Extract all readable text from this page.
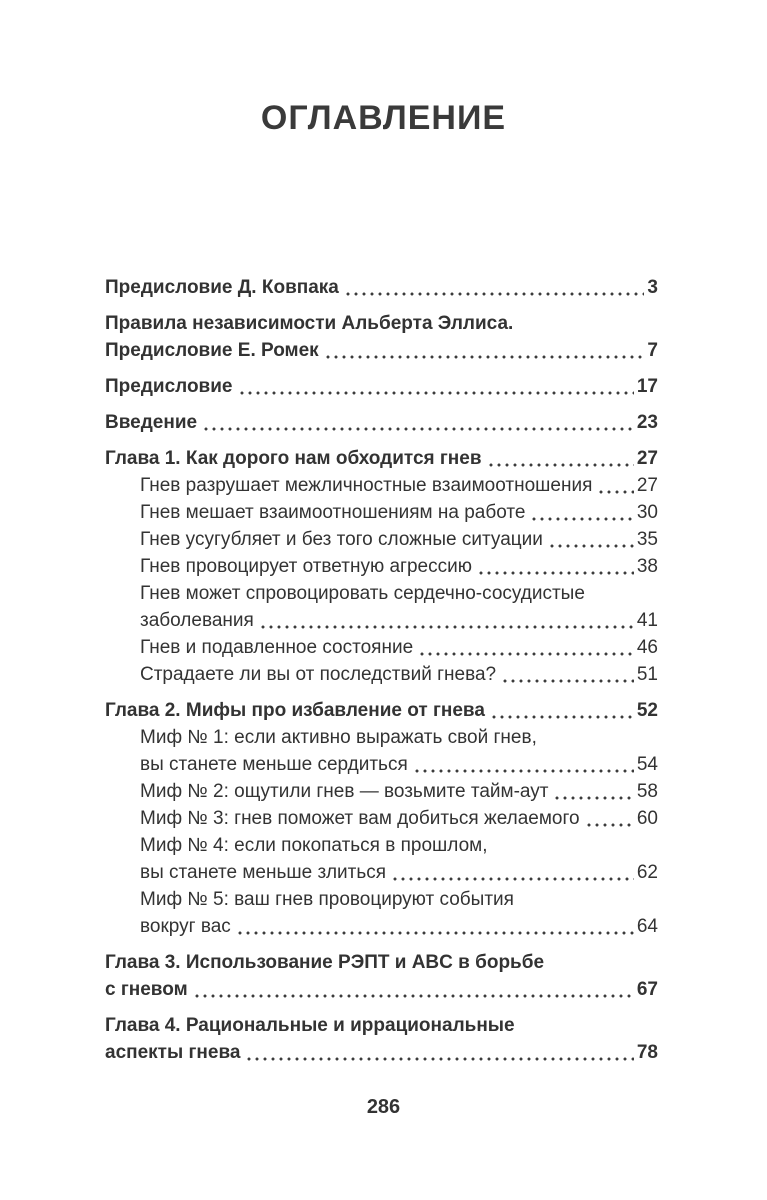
ОГЛАВЛЕНИЕ
Предисловие Д. Ковпака	3
Правила независимости Альберта Эллиса.
Предисловие Е. Ромек	7
Предисловие	17
Введение	23
Глава 1. Как дорого нам обходится гнев	27
Гнев разрушает межличностные взаимоотношения 27
Гнев мешает взаимоотношениям на работе	30
Гнев усугубляет и без того сложные ситуации	35
Гнев провоцирует ответную агрессию	38
Гнев может спровоцировать сердечно-сосудистые
заболевания	41
Гнев и подавленное состояние	46
Страдаете ли вы от последствий гнева?	51
Глава 2. Мифы про избавление от гнева	52
Миф № 1: если активно выражать свой гнев,
вы станете меньше сердиться	54
Миф № 2: ощутили гнев — возьмите тайм-аут	58
Миф № 3: гнев поможет вам добиться желаемого	60
Миф № 4: если покопаться в прошлом,
вы станете меньше злиться	62
Миф № 5: ваш гнев провоцируют события
вокруг вас	64
Глава 3. Использование РЭПТ и ABC в борьбе
с гневом	67
Глава 4. Рациональные и иррациональные
аспекты гнева	78
286
